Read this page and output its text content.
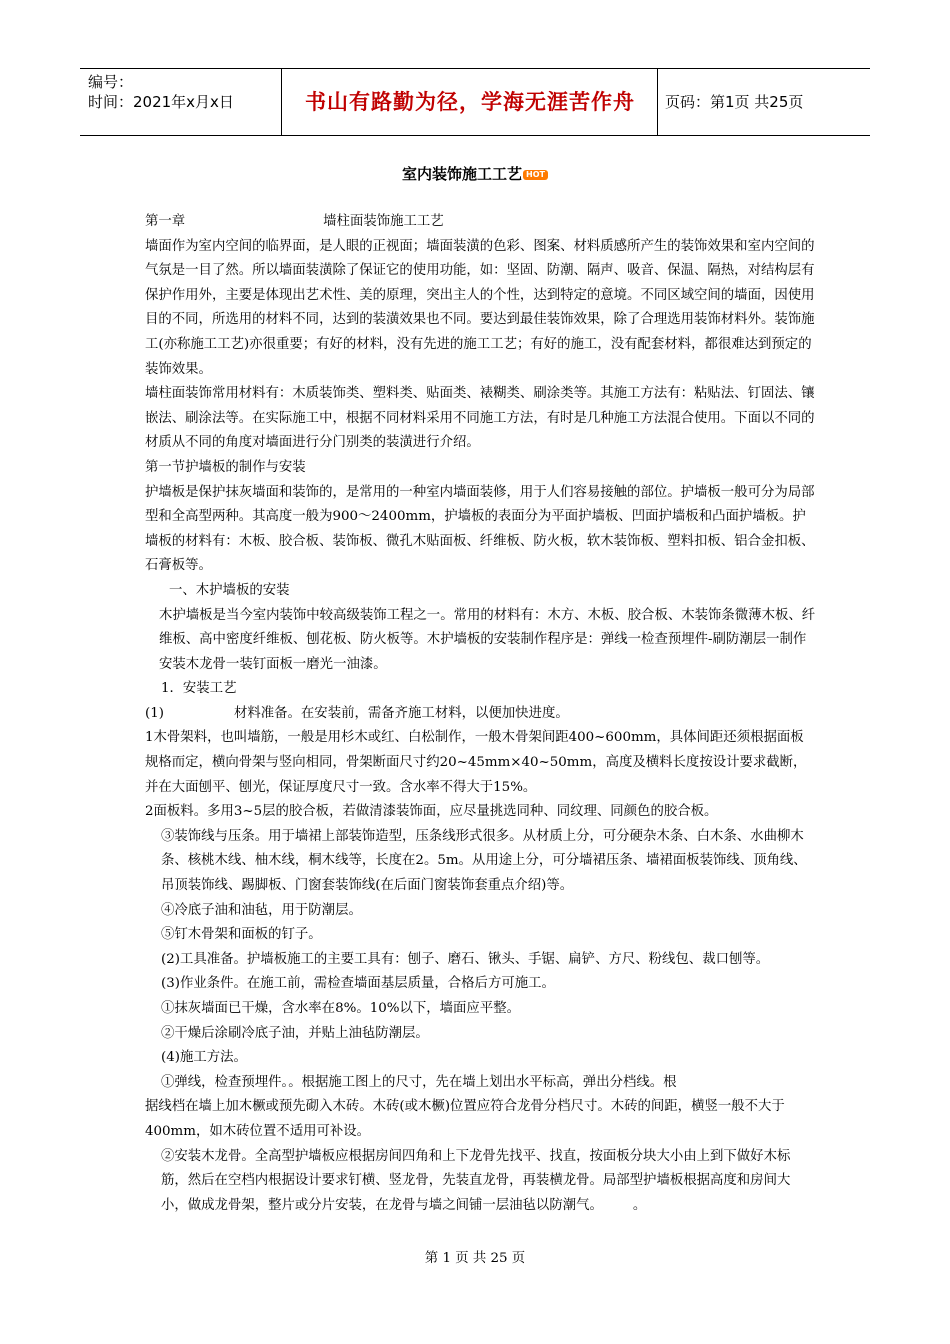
编号：
时间：2021年x月x日	书山有路勤为径，学海无涯苦作舟	页码：第1页 共25页
室内装饰施工工艺 HOT

第一章	墙柱面装饰施工工艺

墙面作为室内空间的临界面，是人眼的正视面；墙面装潢的色彩、图案、材料质感所产生的装饰效果和室内空间的气氛是一目了然。所以墙面装潢除了保证它的使用功能，如：坚固、防潮、隔声、吸音、保温、隔热，对结构层有保护作用外，主要是体现出艺术性、美的原理，突出主人的个性，达到特定的意境。不同区域空间的墙面，因使用目的不同，所选用的材料不同，达到的装潢效果也不同。要达到最佳装饰效果，除了合理选用装饰材料外。装饰施工(亦称施工工艺)亦很重要；有好的材料，没有先进的施工工艺；有好的施工，没有配套材料，都很难达到预定的装饰效果。

墙柱面装饰常用材料有：木质装饰类、塑料类、贴面类、裱糊类、刷涂类等。其施工方法有：粘贴法、钉固法、镶嵌法、刷涂法等。在实际施工中，根据不同材料采用不同施工方法，有时是几种施工方法混合使用。下面以不同的材质从不同的角度对墙面进行分门别类的装潢进行介绍。

第一节护墙板的制作与安装

护墙板是保护抹灰墙面和装饰的，是常用的一种室内墙面装修，用于人们容易接触的部位。护墙板一般可分为局部型和全高型两种。其高度一般为900～2400mm，护墙板的表面分为平面护墙板、凹面护墙板和凸面护墙板。护墙板的材料有：木板、胶合板、装饰板、微孔木贴面板、纤维板、防火板，软木装饰板、塑料扣板、铝合金扣板、石膏板等。

一、木护墙板的安装

木护墙板是当今室内装饰中较高级装饰工程之一。常用的材料有：木方、木板、胶合板、木装饰条微薄木板、纤维板、高中密度纤维板、刨花板、防火板等。木护墙板的安装制作程序是：弹线一检查预埋件-刷防潮层一制作安装木龙骨一装钉面板一磨光一油漆。

1．安装工艺

(1)	材料准备。在安装前，需备齐施工材料，以便加快进度。

1木骨架料，也叫墙筋，一般是用杉木或红、白松制作，一般木骨架间距400~600mm，具体间距还须根据面板规格而定，横向骨架与竖向相同，骨架断面尺寸约20~45mm×40~50mm，高度及横料长度按设计要求截断，并在大面刨平、刨光，保证厚度尺寸一致。含水率不得大于15%。

2面板料。多用3~5层的胶合板，若做清漆装饰面，应尽量挑选同种、同纹理、同颜色的胶合板。

③装饰线与压条。用于墙裙上部装饰造型，压条线形式很多。从材质上分，可分硬杂木条、白木条、水曲柳木条、核桃木线、柚木线，桐木线等，长度在2。5m。从用途上分，可分墙裙压条、墙裙面板装饰线、顶角线、吊顶装饰线、踢脚板、门窗套装饰线(在后面门窗装饰套重点介绍)等。

④冷底子油和油毡，用于防潮层。

⑤钉木骨架和面板的钉子。

(2)工具准备。护墙板施工的主要工具有：刨子、磨石、锹头、手锯、扁铲、方尺、粉线包、裁口刨等。

(3)作业条件。在施工前，需检查墙面基层质量，合格后方可施工。

①抹灰墙面已干燥，含水率在8%。10%以下，墙面应平整。

②干燥后涂刷冷底子油，并贴上油毡防潮层。

(4)施工方法。

①弹线，检查预埋件。。根据施工图上的尺寸，先在墙上划出水平标高，弹出分档线。根

据线档在墙上加木橛或预先砌入木砖。木砖(或木橛)位置应符合龙骨分档尺寸。木砖的间距，横竖一般不大于400mm，如木砖位置不适用可补设。

②安装木龙骨。全高型护墙板应根据房间四角和上下龙骨先找平、找直，按面板分块大小由上到下做好木标筋，然后在空档内根据设计要求钉横、竖龙骨，先装直龙骨，再装横龙骨。局部型护墙板根据高度和房间大小，做成龙骨架，整片或分片安装，在龙骨与墙之间铺一层油毡以防潮气。 。

第 1 页 共 25 页
